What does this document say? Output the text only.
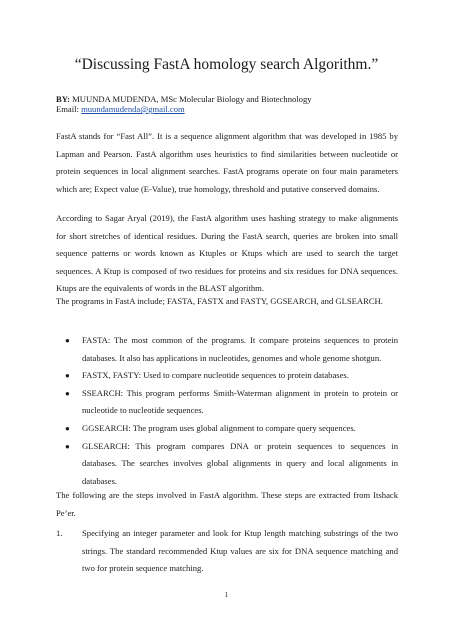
“Discussing FastA homology search Algorithm.”
BY: MUUNDA MUDENDA, MSc Molecular Biology and Biotechnology
Email: muundamudenda@gmail.com

FastA stands for “Fast All”. It is a sequence alignment algorithm that was developed in 1985 by Lapman and Pearson. FastA algorithm uses heuristics to find similarities between nucleotide or protein sequences in local alignment searches. FastA programs operate on four main parameters which are; Expect value (E-Value), true homology, threshold and putative conserved domains.

According to Sagar Aryal (2019), the FastA algorithm uses hashing strategy to make alignments for short stretches of identical residues. During the FastA search, queries are broken into small sequence patterns or words known as Ktuples or Ktups which are used to search the target sequences. A Ktup is composed of two residues for proteins and six residues for DNA sequences. Ktups are the equivalents of words in the BLAST algorithm.

The programs in FastA include; FASTA, FASTX and FASTY, GGSEARCH, and GLSEARCH.

● FASTA: The most common of the programs. It compare proteins sequences to protein databases. It also has applications in nucleotides, genomes and whole genome shotgun.
● FASTX, FASTY: Used to compare nucleotide sequences to protein databases.
● SSEARCH: This program performs Smith-Waterman alignment in protein to protein or nucleotide to nucleotide sequences.
● GGSEARCH: The program uses global alignment to compare query sequences.
● GLSEARCH: This program compares DNA or protein sequences to sequences in databases. The searches involves global alignments in query and local alignments in databases.

The following are the steps involved in FastA algorithm. These steps are extracted from Itshack Pe’er.

1. Specifying an integer parameter and look for Ktup length matching substrings of the two strings. The standard recommended Ktup values are six for DNA sequence matching and two for protein sequence matching.
1
